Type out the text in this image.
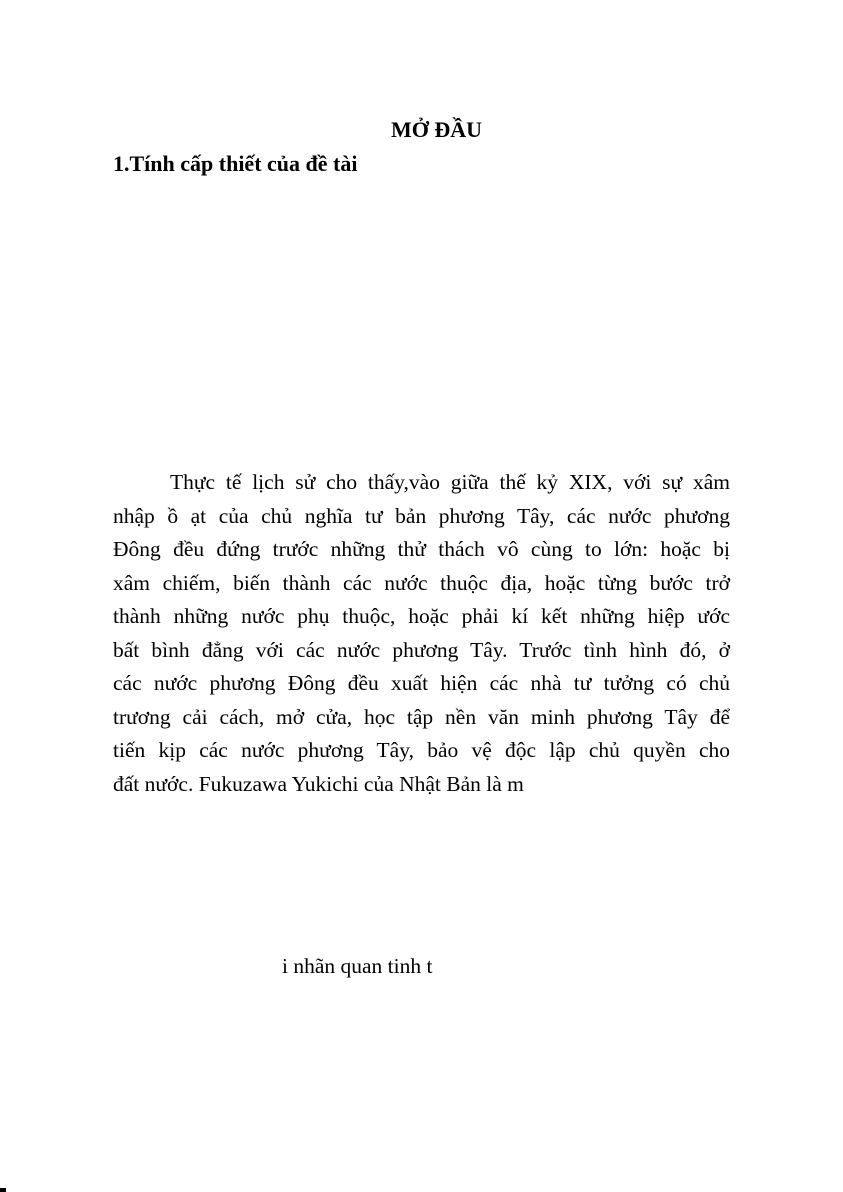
MỞ ĐẦU
1.Tính cấp thiết của đề tài
Thực tế lịch sử cho thấy,vào giữa thế kỷ XIX, với sự xâm
nhập ồ ạt của chủ nghĩa tư bản phương Tây, các nước phương
Đông đều đứng trước những thử thách vô cùng to lớn: hoặc bị
xâm chiếm, biến thành các nước thuộc địa, hoặc từng bước trở
thành những nước phụ thuộc, hoặc phải kí kết những hiệp ước
bất bình đẳng với các nước phương Tây. Trước tình hình đó, ở
các nước phương Đông đều xuất hiện các nhà tư tưởng có chủ
trương cải cách, mở cửa, học tập nền văn minh phương Tây để
tiến kịp các nước phương Tây, bảo vệ độc lập chủ quyền cho
đất nước. Fukuzawa Yukichi của Nhật Bản là m
i nhãn quan tinh t
